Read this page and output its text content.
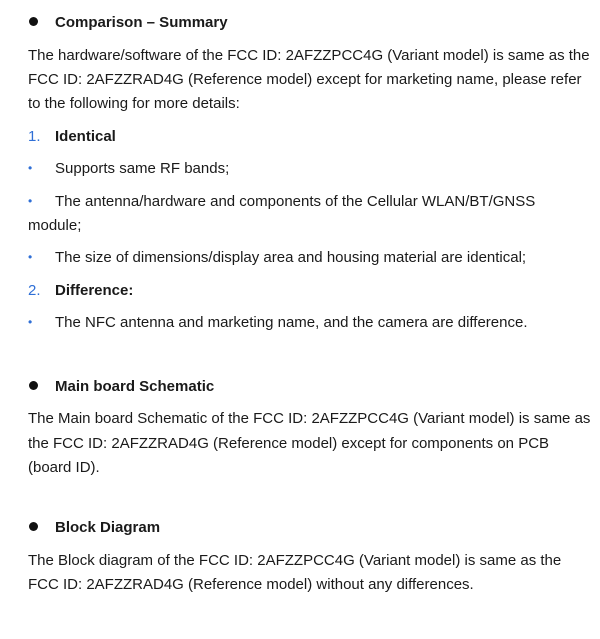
Comparison – Summary
The hardware/software of the FCC ID: 2AFZZPCC4G (Variant model) is same as the
FCC ID: 2AFZZRAD4G (Reference model) except for marketing name, please refer
to the following for more details:
1. Identical
• Supports same RF bands;
• The antenna/hardware and components of the Cellular WLAN/BT/GNSS
module;
• The size of dimensions/display area and housing material are identical;
2. Difference:
• The NFC antenna and marketing name, and the camera are difference.
Main board Schematic
The Main board Schematic of the FCC ID: 2AFZZPCC4G (Variant model) is same as
the FCC ID: 2AFZZRAD4G (Reference model) except for components on PCB
(board ID).
Block Diagram
The Block diagram of the FCC ID: 2AFZZPCC4G (Variant model) is same as the
FCC ID: 2AFZZRAD4G (Reference model) without any differences.
